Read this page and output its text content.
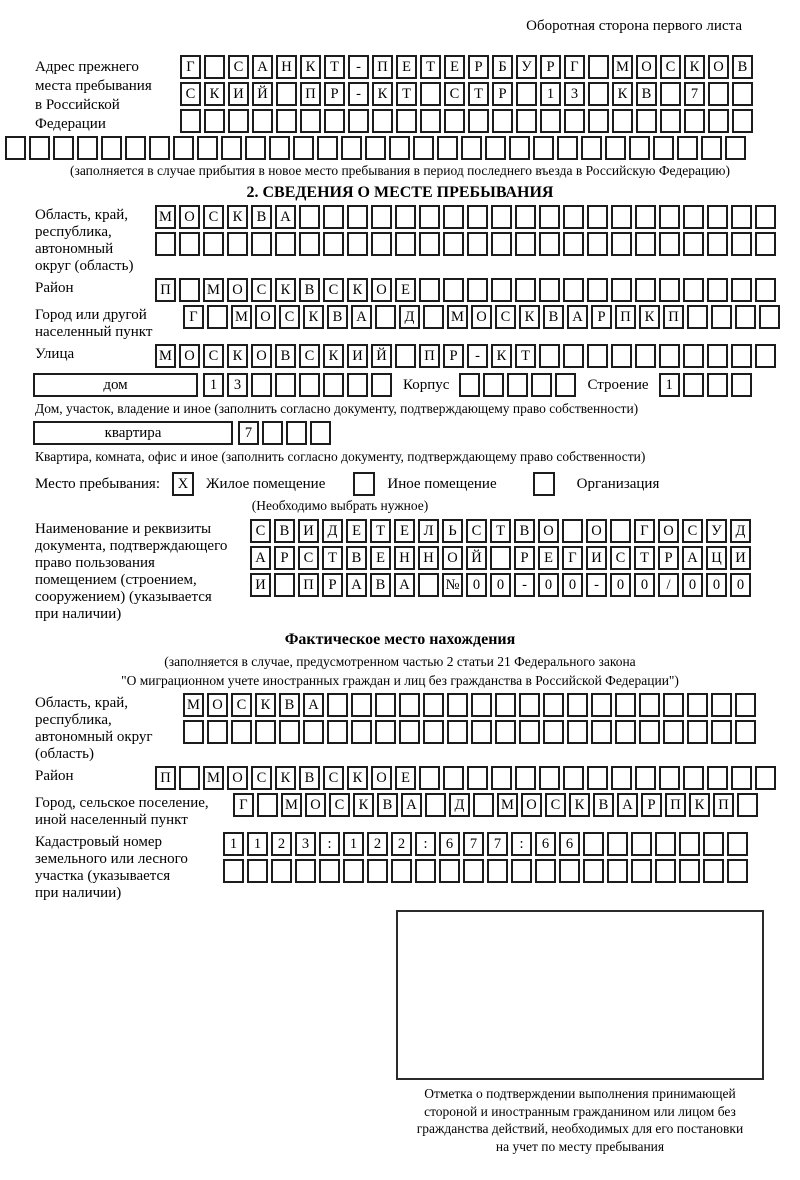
Оборотная сторона первого листа
Адрес прежнего
места пребывания
в Российской
Федерации
Г	С А Н К	Т	-	П Е	Т	Е	Р	Б	У	Р	Г	М О С К О В
С К И Й	П	Р	-	К	Т	С	Т	Р	1	3	К В	7
(заполняется в случае прибытия в новое место пребывания в период последнего въезда в Российскую Федерацию)
2. СВЕДЕНИЯ О МЕСТЕ ПРЕБЫВАНИЯ
Область, край,
республика,
автономный
округ (область)
М О С К В А
Район	П	М О С К В С К О Е
Город или другой
населенный пункт
Г	М О С К В А	Д	М О С К В А	Р	П К П
Улица	М О С К О В С К И Й	П	Р	-	К	Т
дом	1	3	Корпус	Строение	1
Дом, участок, владение и иное (заполнить согласно документу, подтверждающему право собственности)
квартира	7
Квартира, комната, офис и иное (заполнить согласно документу, подтверждающему право собственности)
Место пребывания:	X	Жилое помещение	Иное помещение	Организация
(Необходимо выбрать нужное)
Наименование и реквизиты
документа, подтверждающего
право пользования
помещением (строением,
сооружением) (указывается
при наличии)
С В И Д	Е	Т	Е	Л	Ь	С	Т	В О	О	Г	О С У Д
А	Р	С	Т	В	Е Н Н О Й	Р	Е	Г	И С	Т	Р	А Ц И
И	П	Р	А В А	№ 0	0	-	0	0	-	0	0	/	0	0	0
Фактическое место нахождения
(заполняется в случае, предусмотренном частью 2 статьи 21 Федерального закона
"О миграционном учете иностранных граждан и лиц без гражданства в Российской Федерации")
Область, край,
республика,
автономный округ
(область)
М О С К В А
Район	П	М О С К В С К О Е
Город, сельское поселение,
иной населенный пункт
Г	М О С К В А	Д	М О С К В А	Р	П К П
Кадастровый номер
земельного или лесного
участка (указывается
при наличии)
1	1	2	3	:	1	2	2	:	6	7	7	:	6	6
Отметка о подтверждении выполнения принимающей
стороной и иностранным гражданином или лицом без
гражданства действий, необходимых для его постановки
на учет по месту пребывания
